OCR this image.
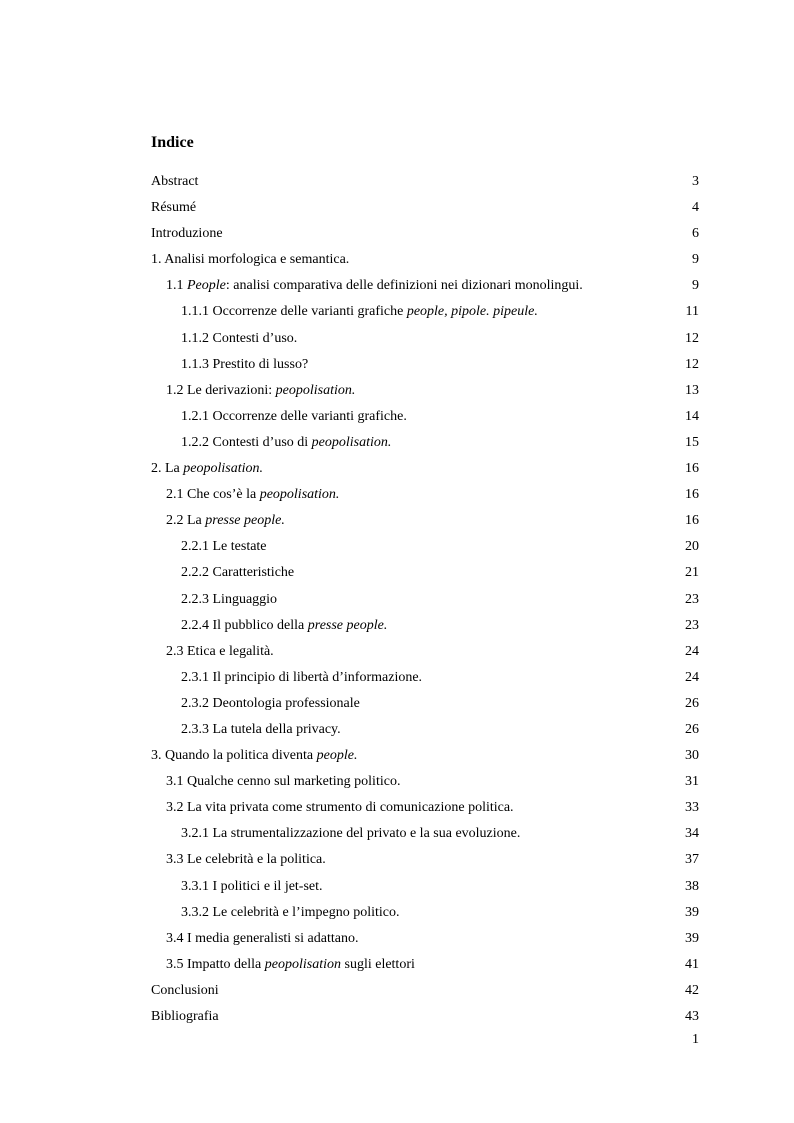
Indice
Abstract	3
Résumé	4
Introduzione	6
1. Analisi morfologica e semantica.	9
1.1 People: analisi comparativa delle definizioni nei dizionari monolingui.	9
1.1.1 Occorrenze delle varianti grafiche people, pipole. pipeule.	11
1.1.2 Contesti d’uso.	12
1.1.3 Prestito di lusso?	12
1.2 Le derivazioni: peopolisation.	13
1.2.1 Occorrenze delle varianti grafiche.	14
1.2.2 Contesti d’uso di peopolisation.	15
2. La peopolisation.	16
2.1 Che cos’è la peopolisation.	16
2.2 La presse people.	16
2.2.1 Le testate	20
2.2.2 Caratteristiche	21
2.2.3 Linguaggio	23
2.2.4 Il pubblico della presse people.	23
2.3 Etica e legalità.	24
2.3.1 Il principio di libertà d’informazione.	24
2.3.2 Deontologia professionale	26
2.3.3 La tutela della privacy.	26
3. Quando la politica diventa people.	30
3.1 Qualche cenno sul marketing politico.	31
3.2 La vita privata come strumento di comunicazione politica.	33
3.2.1 La strumentalizzazione del privato e la sua evoluzione.	34
3.3 Le celebrità e la politica.	37
3.3.1 I politici e il jet-set.	38
3.3.2 Le celebrità e l’impegno politico.	39
3.4 I media generalisti si adattano.	39
3.5 Impatto della peopolisation sugli elettori	41
Conclusioni	42
Bibliografia	43
1
